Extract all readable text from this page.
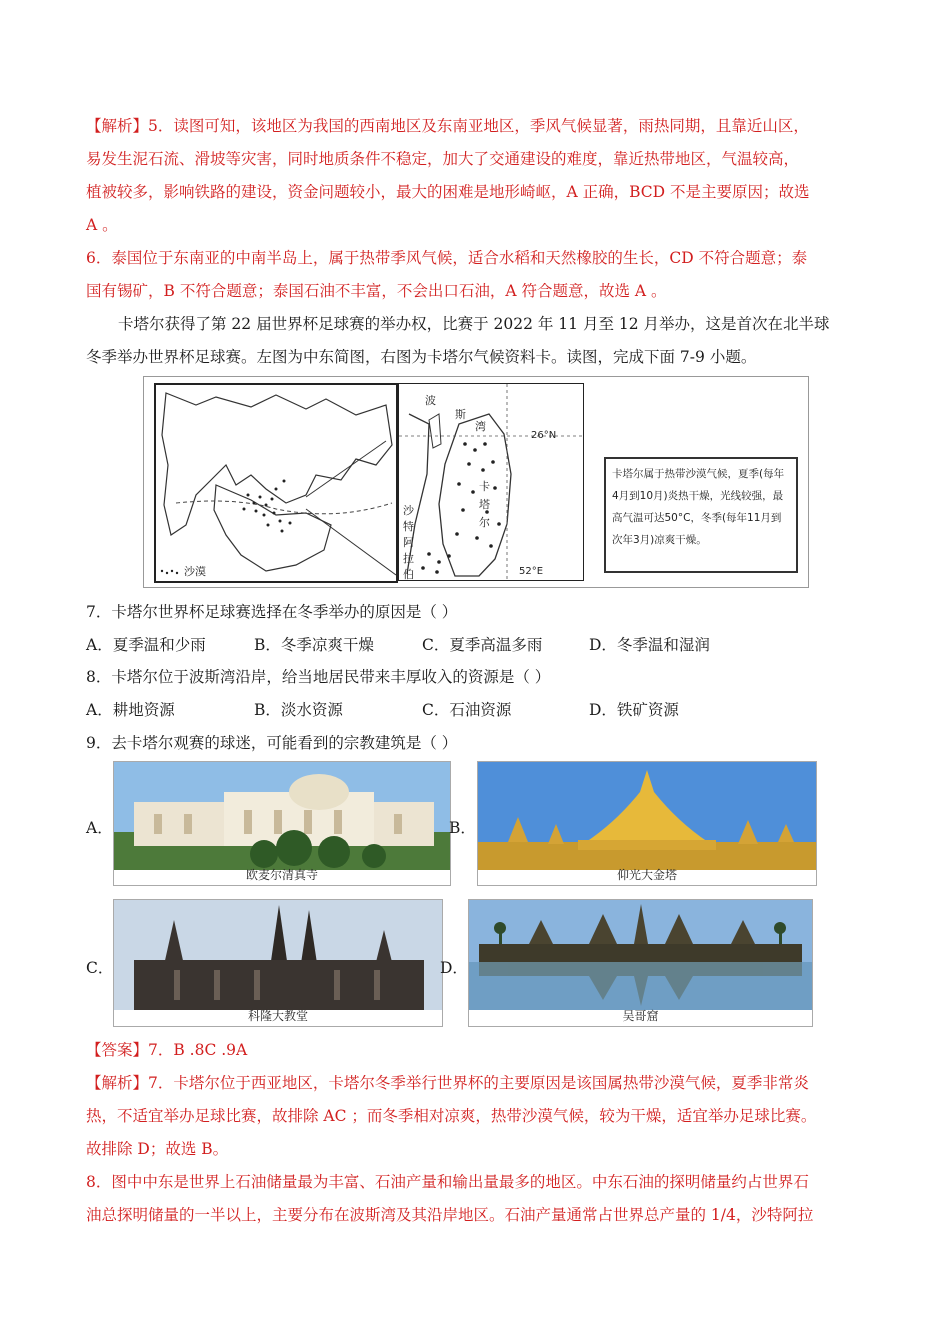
【解析】5．读图可知，该地区为我国的西南地区及东南亚地区，季风气候显著，雨热同期，且靠近山区，
易发生泥石流、滑坡等灾害，同时地质条件不稳定，加大了交通建设的难度，靠近热带地区，气温较高，
植被较多，影响铁路的建设，资金问题较小，最大的困难是地形崎岖，A 正确，BCD 不是主要原因；故选
A 。
6．泰国位于东南亚的中南半岛上，属于热带季风气候，适合水稻和天然橡胶的生长，CD 不符合题意；泰
国有锡矿，B 不符合题意；泰国石油不丰富，不会出口石油，A 符合题意，故选 A 。
卡塔尔获得了第 22 届世界杯足球赛的举办权，比赛于 2022 年 11 月至 12 月举办，这是首次在北半球
冬季举办世界杯足球赛。左图为中东简图，右图为卡塔尔气候资料卡。读图，完成下面 7-9 小题。
沙漠
波
斯
湾
26°N
卡
塔
尔
沙
特
阿
拉
伯	52°E
卡塔尔属于热带沙漠气候，夏季(每年4月到10月)炎热干燥，光线较强，最高气温可达50°C，冬季(每年11月到次年3月)凉爽干燥。
7．卡塔尔世界杯足球赛选择在冬季举办的原因是（ ）
A．夏季温和少雨	B．冬季凉爽干燥	C．夏季高温多雨	D．冬季温和湿润
8．卡塔尔位于波斯湾沿岸，给当地居民带来丰厚收入的资源是（ ）
A．耕地资源	B．淡水资源	C．石油资源	D．铁矿资源
9．去卡塔尔观赛的球迷，可能看到的宗教建筑是（ ）
A．
欧麦尔清真寺
B．
仰光大金塔
C．
科隆大教堂
D．
吴哥窟
【答案】7．B .8C .9A
【解析】7．卡塔尔位于西亚地区，卡塔尔冬季举行世界杯的主要原因是该国属热带沙漠气候，夏季非常炎
热，不适宜举办足球比赛，故排除 AC ；而冬季相对凉爽，热带沙漠气候，较为干燥，适宜举办足球比赛。
故排除 D；故选 B。
8．图中中东是世界上石油储量最为丰富、石油产量和输出量最多的地区。中东石油的探明储量约占世界石
油总探明储量的一半以上，主要分布在波斯湾及其沿岸地区。石油产量通常占世界总产量的 1/4，沙特阿拉
